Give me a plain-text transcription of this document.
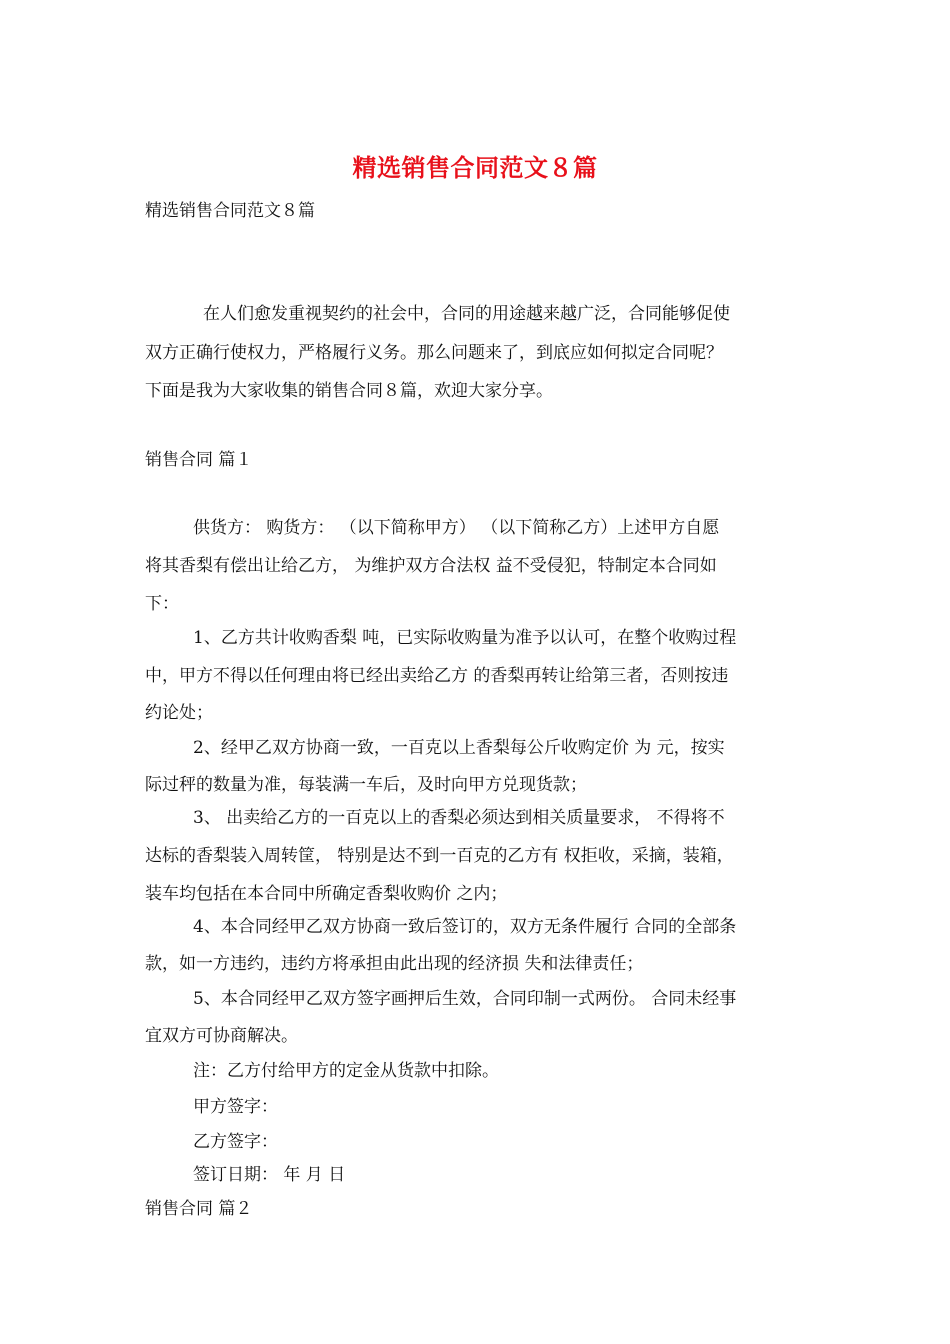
精选销售合同范文８篇
精选销售合同范文８篇
在人们愈发重视契约的社会中，合同的用途越来越广泛，合同能够促使
双方正确行使权力，严格履行义务。那么问题来了，到底应如何拟定合同呢？
下面是我为大家收集的销售合同８篇，欢迎大家分享。
销售合同 篇１
供货方： 购货方： （以下简称甲方） （以下简称乙方）上述甲方自愿
将其香梨有偿出让给乙方， 为维护双方合法权 益不受侵犯，特制定本合同如
下：
1、乙方共计收购香梨 吨，已实际收购量为准予以认可，在整个收购过程
中，甲方不得以任何理由将已经出卖给乙方 的香梨再转让给第三者，否则按违
约论处；
2、经甲乙双方协商一致，一百克以上香梨每公斤收购定价 为 元，按实
际过秤的数量为准，每装满一车后，及时向甲方兑现货款；
3、 出卖给乙方的一百克以上的香梨必须达到相关质量要求， 不得将不
达标的香梨装入周转筐， 特别是达不到一百克的乙方有 权拒收，采摘，装箱，
装车均包括在本合同中所确定香梨收购价 之内；
4、本合同经甲乙双方协商一致后签订的，双方无条件履行 合同的全部条
款，如一方违约，违约方将承担由此出现的经济损 失和法律责任；
5、本合同经甲乙双方签字画押后生效，合同印制一式两份。 合同未经事
宜双方可协商解决。
注：乙方付给甲方的定金从货款中扣除。
甲方签字：
乙方签字：
签订日期： 年 月 日
销售合同 篇２
